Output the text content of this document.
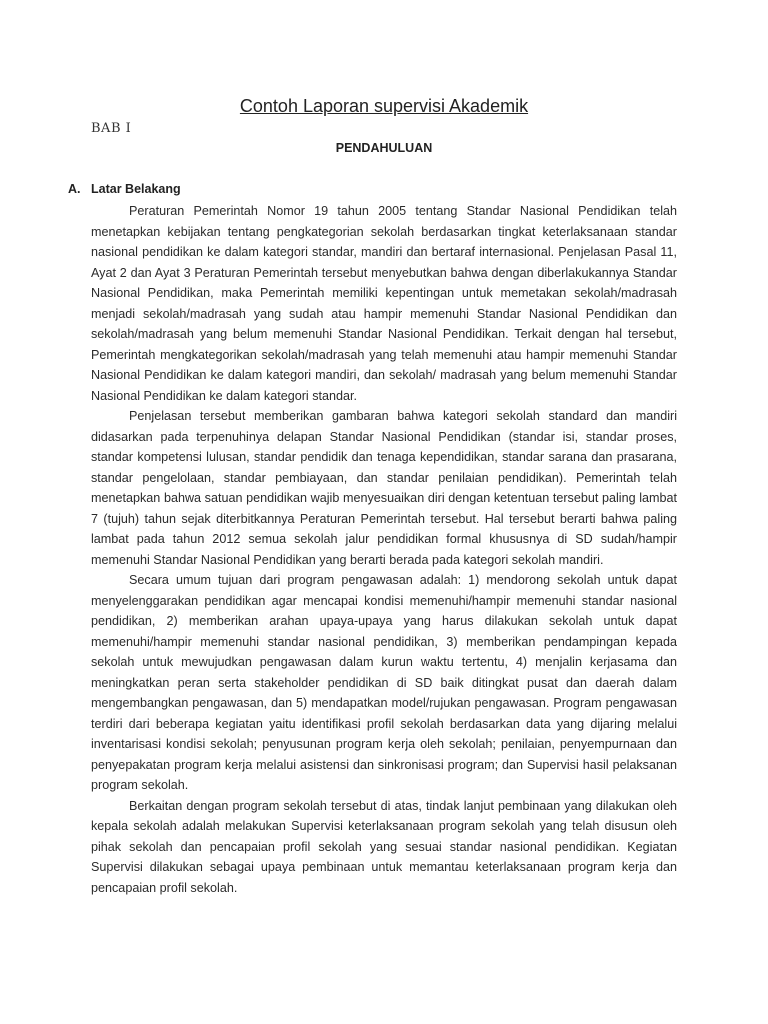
Contoh Laporan supervisi Akademik
BAB I
PENDAHULUAN
A. Latar Belakang

Peraturan Pemerintah Nomor 19 tahun 2005 tentang Standar Nasional Pendidikan telah menetapkan kebijakan tentang pengkategorian sekolah berdasarkan tingkat keterlaksanaan standar nasional pendidikan ke dalam kategori standar, mandiri dan bertaraf internasional. Penjelasan Pasal 11, Ayat 2 dan Ayat 3 Peraturan Pemerintah tersebut menyebutkan bahwa dengan diberlakukannya Standar Nasional Pendidikan, maka Pemerintah memiliki kepentingan untuk memetakan sekolah/madrasah menjadi sekolah/madrasah yang sudah atau hampir memenuhi Standar Nasional Pendidikan dan sekolah/madrasah yang belum memenuhi Standar Nasional Pendidikan. Terkait dengan hal tersebut, Pemerintah mengkategorikan sekolah/madrasah yang telah memenuhi atau hampir memenuhi Standar Nasional Pendidikan ke dalam kategori mandiri, dan sekolah/ madrasah yang belum memenuhi Standar Nasional Pendidikan ke dalam kategori standar.

Penjelasan tersebut memberikan gambaran bahwa kategori sekolah standard dan mandiri didasarkan pada terpenuhinya delapan Standar Nasional Pendidikan (standar isi, standar proses, standar kompetensi lulusan, standar pendidik dan tenaga kependidikan, standar sarana dan prasarana, standar pengelolaan, standar pembiayaan, dan standar penilaian pendidikan). Pemerintah telah menetapkan bahwa satuan pendidikan wajib menyesuaikan diri dengan ketentuan tersebut paling lambat 7 (tujuh) tahun sejak diterbitkannya Peraturan Pemerintah tersebut. Hal tersebut berarti bahwa paling lambat pada tahun 2012 semua sekolah jalur pendidikan formal khususnya di SD sudah/hampir memenuhi Standar Nasional Pendidikan yang berarti berada pada kategori sekolah mandiri.

Secara umum tujuan dari program pengawasan adalah: 1) mendorong sekolah untuk dapat menyelenggarakan pendidikan agar mencapai kondisi memenuhi/hampir memenuhi standar nasional pendidikan, 2) memberikan arahan upaya-upaya yang harus dilakukan sekolah untuk dapat memenuhi/hampir memenuhi standar nasional pendidikan, 3) memberikan pendampingan kepada sekolah untuk mewujudkan pengawasan dalam kurun waktu tertentu, 4) menjalin kerjasama dan meningkatkan peran serta stakeholder pendidikan di SD baik ditingkat pusat dan daerah dalam mengembangkan pengawasan, dan 5) mendapatkan model/rujukan pengawasan. Program pengawasan terdiri dari beberapa kegiatan yaitu identifikasi profil sekolah berdasarkan data yang dijaring melalui inventarisasi kondisi sekolah; penyusunan program kerja oleh sekolah; penilaian, penyempurnaan dan penyepakatan program kerja melalui asistensi dan sinkronisasi program; dan Supervisi hasil pelaksanan program sekolah.

Berkaitan dengan program sekolah tersebut di atas, tindak lanjut pembinaan yang dilakukan oleh kepala sekolah adalah melakukan Supervisi keterlaksanaan program sekolah yang telah disusun oleh pihak sekolah dan pencapaian profil sekolah yang sesuai standar nasional pendidikan. Kegiatan Supervisi dilakukan sebagai upaya pembinaan untuk memantau keterlaksanaan program kerja dan pencapaian profil sekolah.
